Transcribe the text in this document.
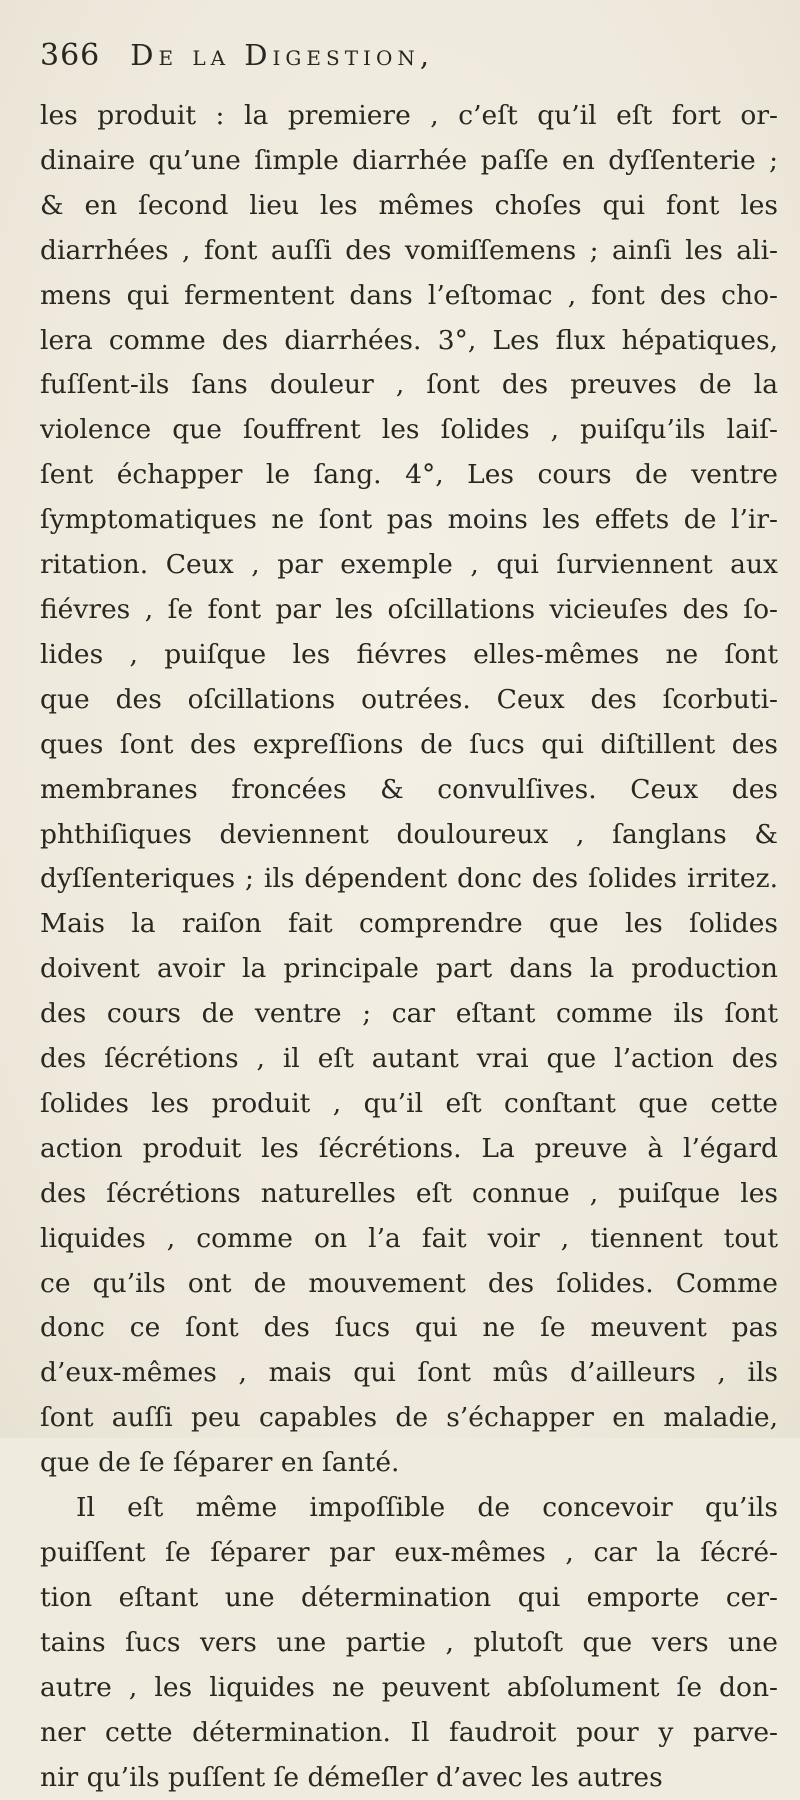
366 De la Digestion,
les produit : la premiere , c’eſt qu’il eſt fort or-
dinaire qu’une ſimple diarrhée paſſe en dyſſenterie ;
& en ſecond lieu les mêmes choſes qui font les
diarrhées , font auſſi des vomiſſemens ; ainſi les ali-
mens qui fermentent dans l’eſtomac , font des cho-
lera comme des diarrhées. 3°, Les flux hépatiques,
fuſſent-ils ſans douleur , ſont des preuves de la
violence que ſouffrent les ſolides , puiſqu’ils laiſ-
ſent échapper le ſang. 4°, Les cours de ventre
ſymptomatiques ne ſont pas moins les effets de l’ir-
ritation. Ceux , par exemple , qui ſurviennent aux
fiévres , ſe font par les oſcillations vicieuſes des ſo-
lides , puiſque les fiévres elles-mêmes ne ſont
que des oſcillations outrées. Ceux des ſcorbuti-
ques ſont des expreſſions de ſucs qui diſtillent des
membranes froncées & convulſives. Ceux des
phthiſiques deviennent douloureux , ſanglans &
dyſſenteriques ; ils dépendent donc des ſolides irritez.
Mais la raiſon fait comprendre que les ſolides
doivent avoir la principale part dans la production
des cours de ventre ; car eſtant comme ils ſont
des ſécrétions , il eſt autant vrai que l’action des
ſolides les produit , qu’il eſt conſtant que cette
action produit les ſécrétions. La preuve à l’égard
des ſécrétions naturelles eſt connue , puiſque les
liquides , comme on l’a fait voir , tiennent tout
ce qu’ils ont de mouvement des ſolides. Comme
donc ce ſont des ſucs qui ne ſe meuvent pas
d’eux-mêmes , mais qui ſont mûs d’ailleurs , ils
ſont auſſi peu capables de s’échapper en maladie,
que de ſe ſéparer en ſanté.
Il eſt même impoſſible de concevoir qu’ils
puiſſent ſe ſéparer par eux-mêmes , car la ſécré-
tion eſtant une détermination qui emporte cer-
tains ſucs vers une partie , plutoſt que vers une
autre , les liquides ne peuvent abſolument ſe don-
ner cette détermination. Il faudroit pour y parve-
nir qu’ils puſſent ſe démeſler d’avec les autres
